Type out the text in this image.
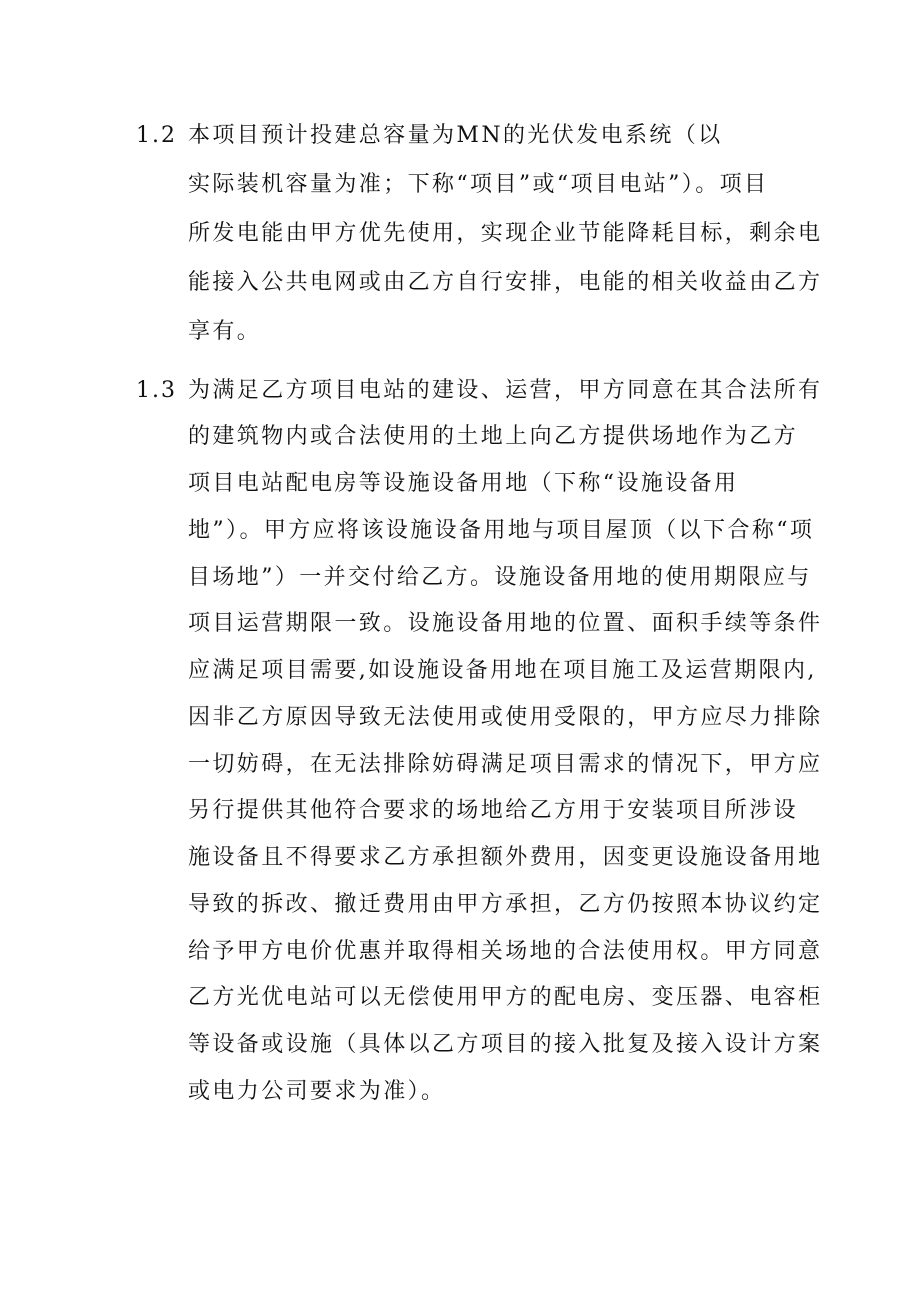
1.2 本项目预计投建总容量为MN的光伏发电系统（以
实际装机容量为准；下称“项目”或“项目电站”）。项目
所发电能由甲方优先使用，实现企业节能降耗目标，剩余电
能接入公共电网或由乙方自行安排，电能的相关收益由乙方
享有。
1.3 为满足乙方项目电站的建设、运营，甲方同意在其合法所有
的建筑物内或合法使用的土地上向乙方提供场地作为乙方
项目电站配电房等设施设备用地（下称“设施设备用
地”）。甲方应将该设施设备用地与项目屋顶（以下合称“项
目场地”）一并交付给乙方。设施设备用地的使用期限应与
项目运营期限一致。设施设备用地的位置、面积手续等条件
应满足项目需要,如设施设备用地在项目施工及运营期限内,
因非乙方原因导致无法使用或使用受限的，甲方应尽力排除
一切妨碍，在无法排除妨碍满足项目需求的情况下，甲方应
另行提供其他符合要求的场地给乙方用于安装项目所涉设
施设备且不得要求乙方承担额外费用，因变更设施设备用地
导致的拆改、撤迁费用由甲方承担，乙方仍按照本协议约定
给予甲方电价优惠并取得相关场地的合法使用权。甲方同意
乙方光优电站可以无偿使用甲方的配电房、变压器、电容柜
等设备或设施（具体以乙方项目的接入批复及接入设计方案
或电力公司要求为准）。
